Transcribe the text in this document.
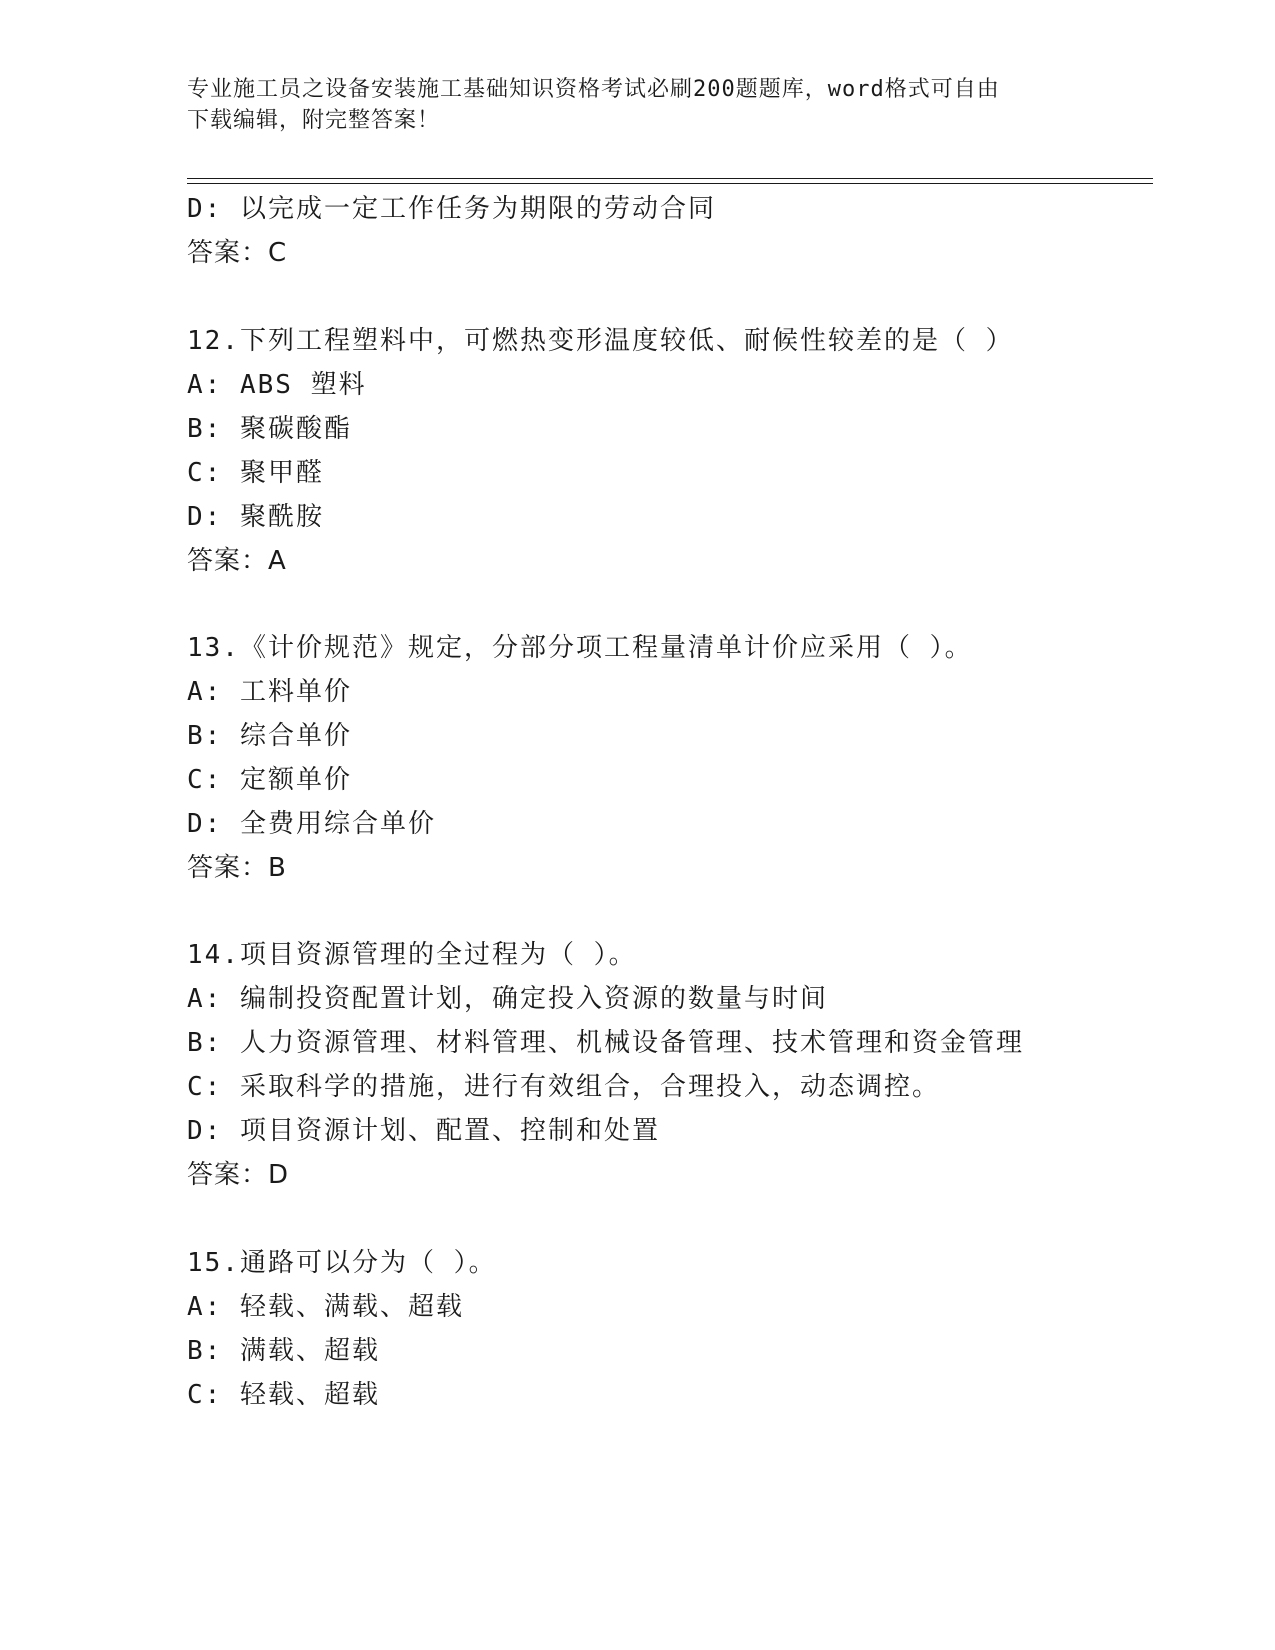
专业施工员之设备安装施工基础知识资格考试必刷200题题库，word格式可自由
下载编辑，附完整答案！
D: 以完成一定工作任务为期限的劳动合同
答案：C
12.下列工程塑料中，可燃热变形温度较低、耐候性较差的是（ ）
A: ABS 塑料
B: 聚碳酸酯
C: 聚甲醛
D: 聚酰胺
答案：A
13.《计价规范》规定，分部分项工程量清单计价应采用（ ）。
A: 工料单价
B: 综合单价
C: 定额单价
D: 全费用综合单价
答案：B
14.项目资源管理的全过程为（ ）。
A: 编制投资配置计划，确定投入资源的数量与时间
B: 人力资源管理、材料管理、机械设备管理、技术管理和资金管理
C: 采取科学的措施，进行有效组合，合理投入，动态调控。
D: 项目资源计划、配置、控制和处置
答案：D
15.通路可以分为（ ）。
A: 轻载、满载、超载
B: 满载、超载
C: 轻载、超载
